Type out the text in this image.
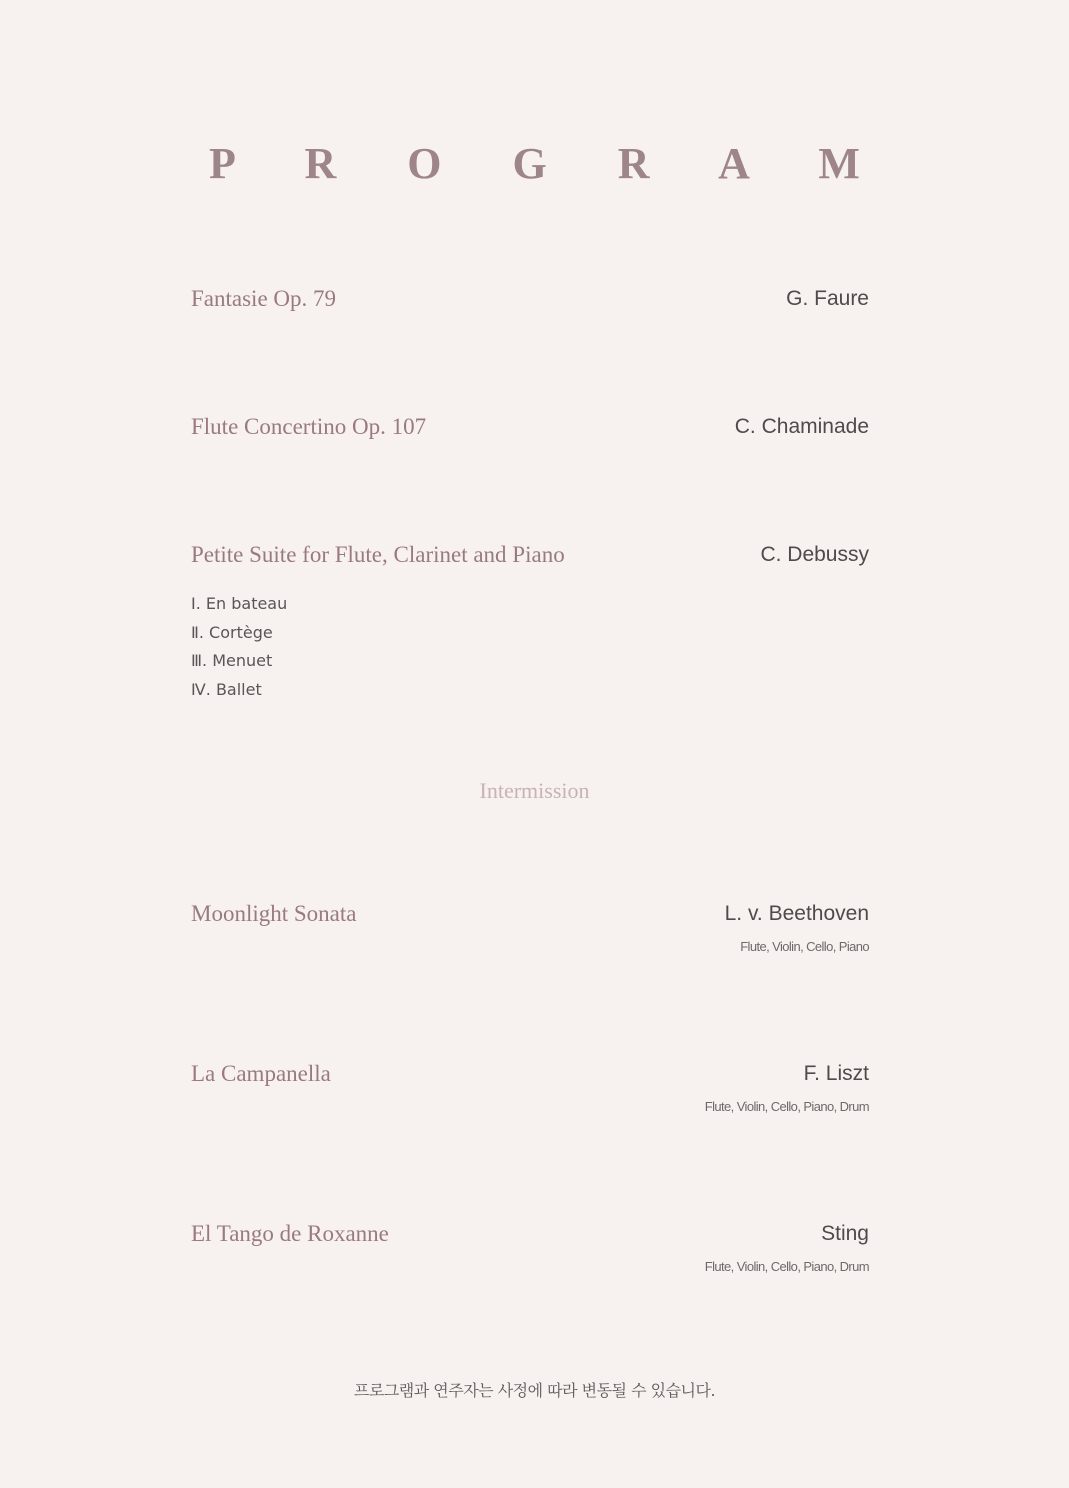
P R O G R A M
Fantasie Op. 79	G. Faure
Flute Concertino Op. 107	C. Chaminade
Petite Suite for Flute, Clarinet and Piano	C. Debussy
Ⅰ. En bateau
Ⅱ. Cortège
Ⅲ. Menuet
Ⅳ. Ballet
Intermission
Moonlight Sonata	L. v. Beethoven
Flute, Violin, Cello, Piano
La Campanella	F. Liszt
Flute, Violin, Cello, Piano, Drum
El Tango de Roxanne	Sting
Flute, Violin, Cello, Piano, Drum
프로그램과 연주자는 사정에 따라 변동될 수 있습니다.
